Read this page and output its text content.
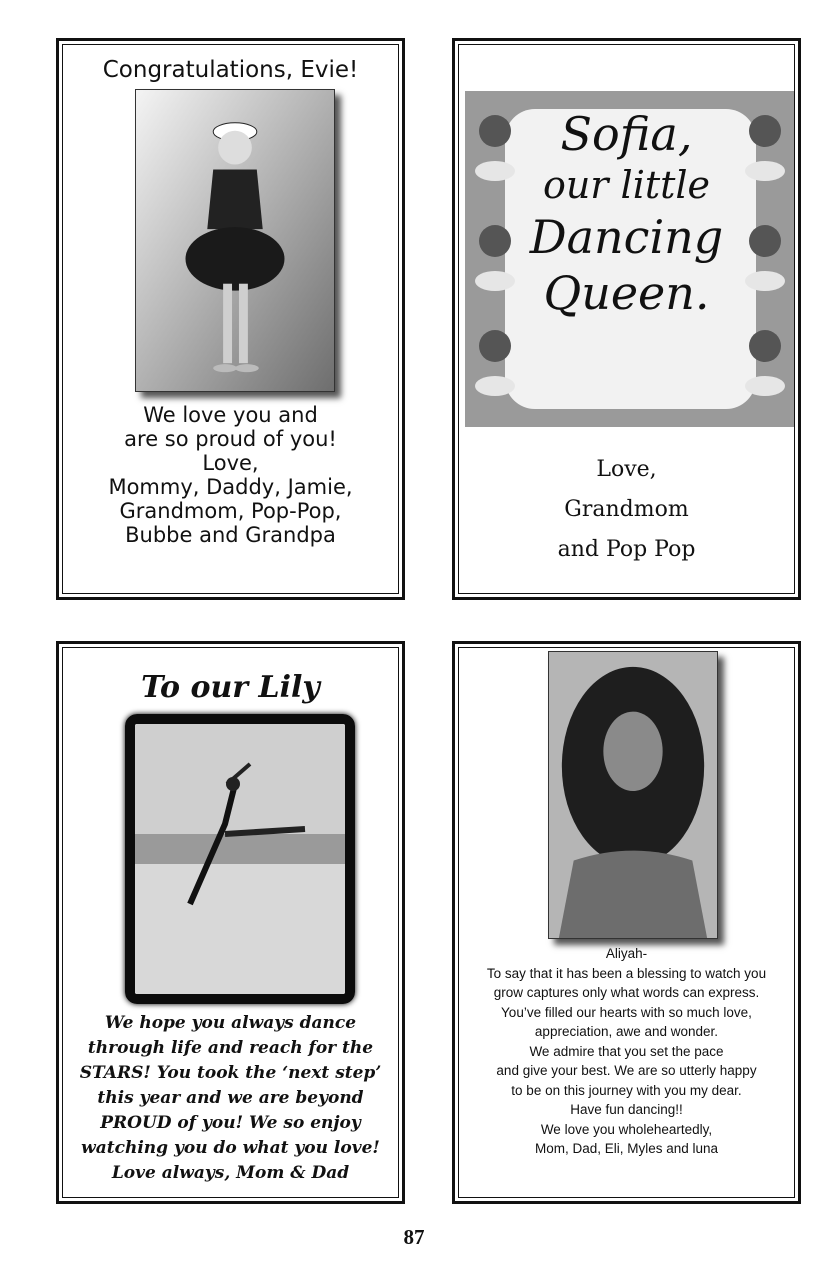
Congratulations, Evie!
We love you and
are so proud of you!
Love,
Mommy, Daddy, Jamie,
Grandmom, Pop-Pop,
Bubbe and Grandpa
Sofia,
our little
Dancing
Queen.
Love,
Grandmom
and Pop Pop
To our Lily
We hope you always dance
through life and reach for the
STARS! You took the ‘next step’
this year and we are beyond
PROUD of you! We so enjoy
watching you do what you love!
Love always, Mom & Dad
Aliyah-
To say that it has been a blessing to watch you
grow captures only what words can express.
You’ve filled our hearts with so much love,
appreciation, awe and wonder.
We admire that you set the pace
and give your best. We are so utterly happy
to be on this journey with you my dear.
Have fun dancing!!
We love you wholeheartedly,
Mom, Dad, Eli, Myles and luna
87
